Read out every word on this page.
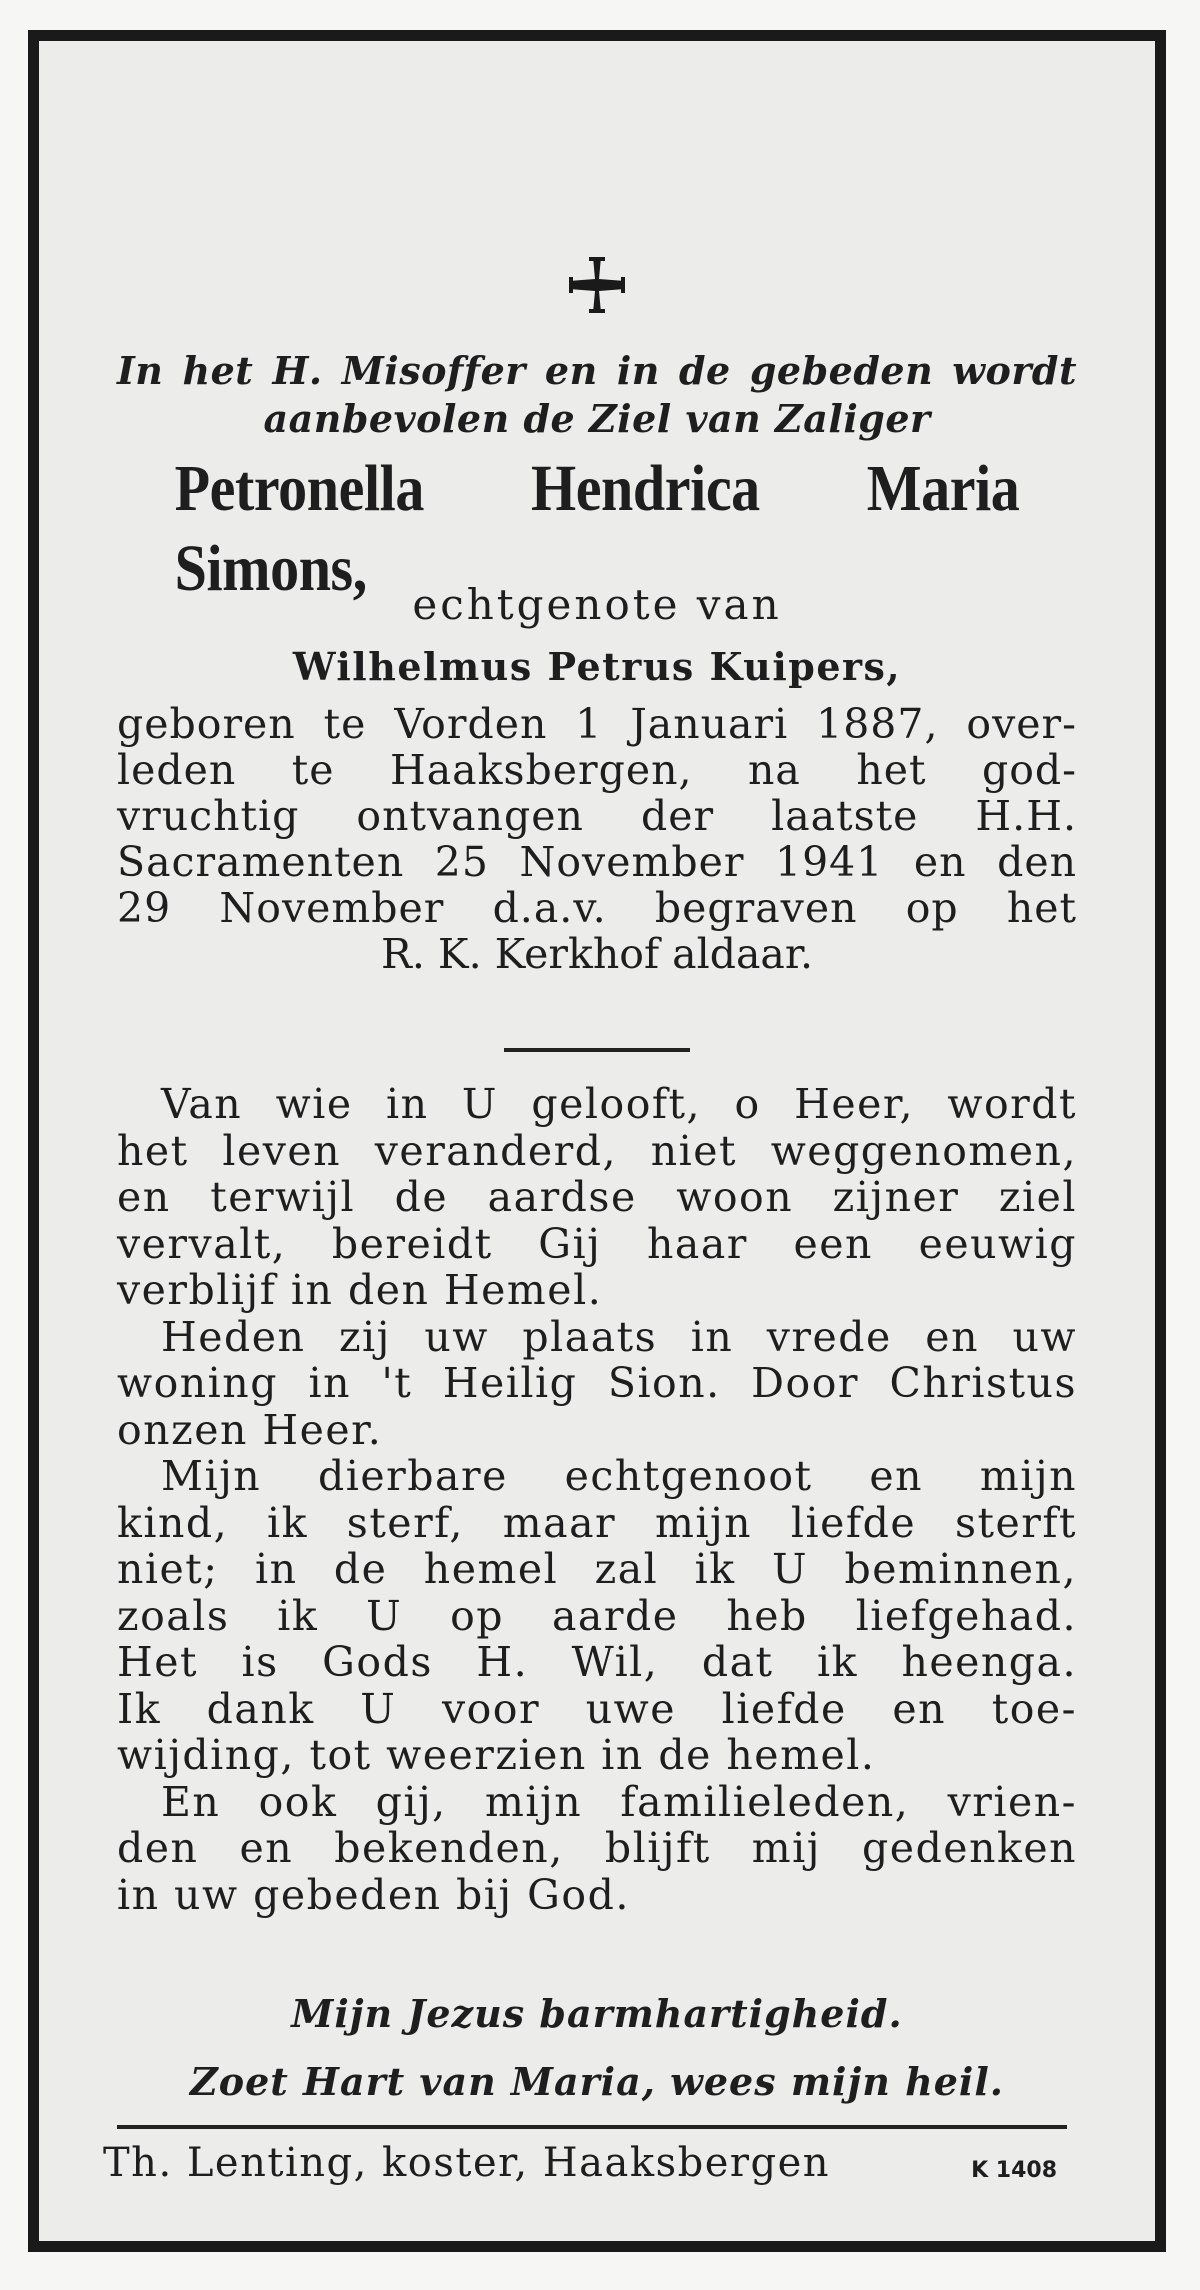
In het H. Misoffer en in de gebeden wordt
aanbevolen de Ziel van Zaliger
Petronella Hendrica Maria Simons,	echtgenote van
Wilhelmus Petrus Kuipers,
geboren te Vorden 1 Januari 1887, over-
leden te Haaksbergen, na het god-
vruchtig ontvangen der laatste H.H.
Sacramenten 25 November 1941 en den
29 November d.a.v. begraven op het
R. K. Kerkhof aldaar.
Van wie in U gelooft, o Heer, wordt
het leven veranderd, niet weggenomen,
en terwijl de aardse woon zijner ziel
vervalt, bereidt Gij haar een eeuwig
verblijf in den Hemel.
Heden zij uw plaats in vrede en uw
woning in 't Heilig Sion. Door Christus
onzen Heer.
Mijn dierbare echtgenoot en mijn
kind, ik sterf, maar mijn liefde sterft
niet; in de hemel zal ik U beminnen,
zoals ik U op aarde heb liefgehad.
Het is Gods H. Wil, dat ik heenga.
Ik dank U voor uwe liefde en toe-
wijding, tot weerzien in de hemel.
En ook gij, mijn familieleden, vrien-
den en bekenden, blijft mij gedenken
in uw gebeden bij God.
Mijn Jezus barmhartigheid.
Zoet Hart van Maria, wees mijn heil.
Th. Lenting, koster, Haaksbergen	K 1408
